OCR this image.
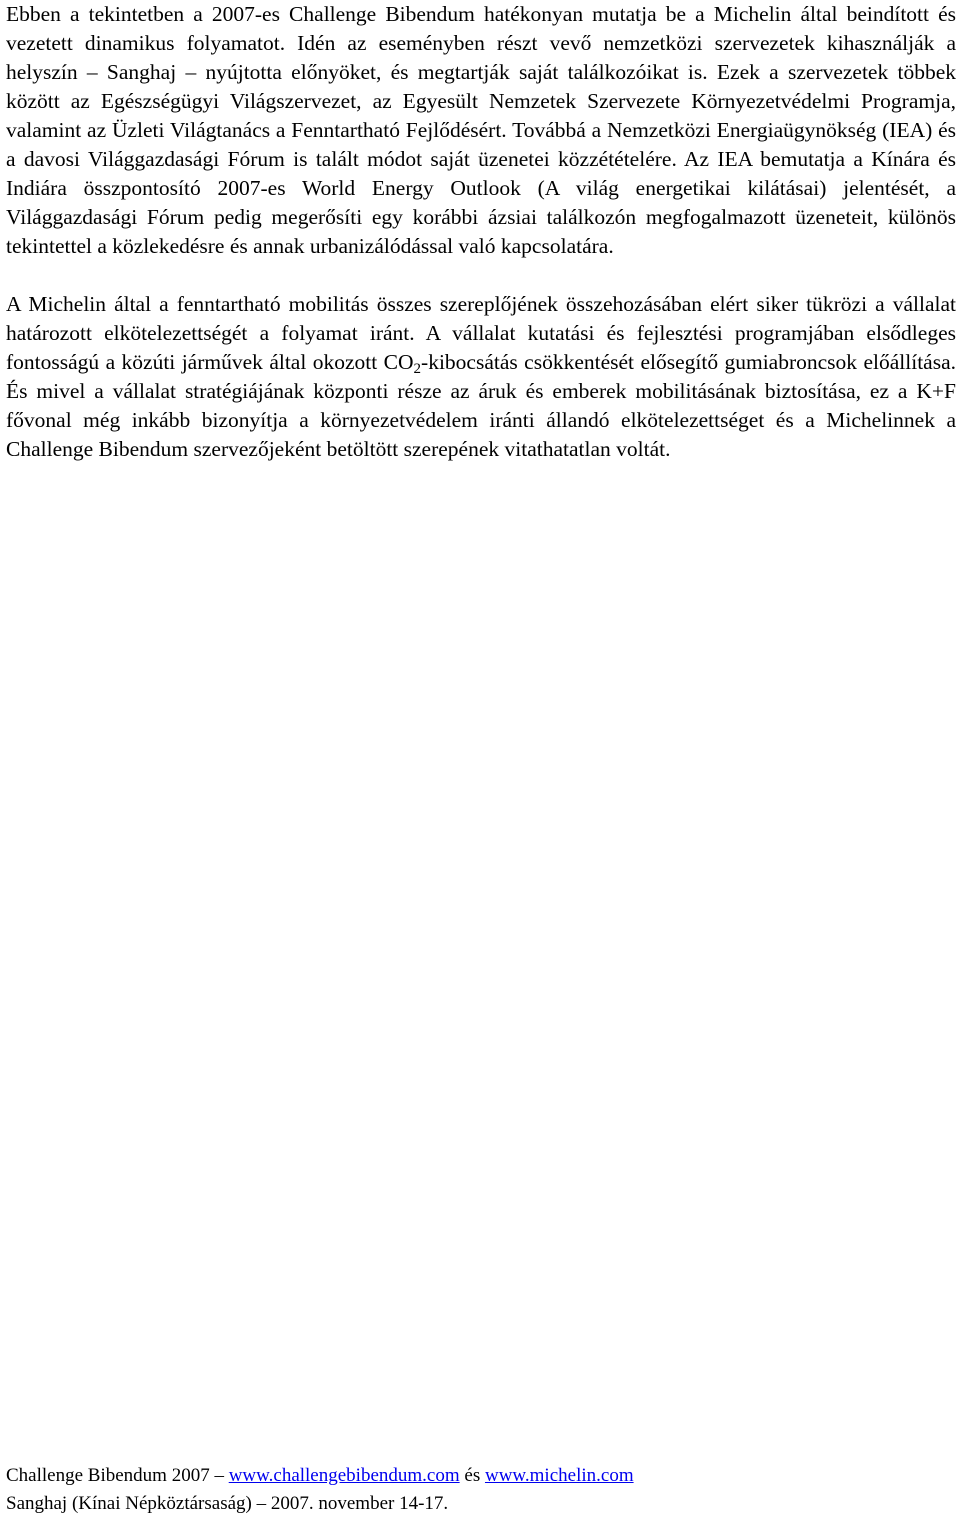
Ebben a tekintetben a 2007-es Challenge Bibendum hatékonyan mutatja be a Michelin által beindított és vezetett dinamikus folyamatot. Idén az eseményben részt vevő nemzetközi szervezetek kihasználják a helyszín – Sanghaj – nyújtotta előnyöket, és megtartják saját találkozóikat is. Ezek a szervezetek többek között az Egészségügyi Világszervezet, az Egyesült Nemzetek Szervezete Környezetvédelmi Programja, valamint az Üzleti Világtanács a Fenntartható Fejlődésért. Továbbá a Nemzetközi Energiaügynökség (IEA) és a davosi Világgazdasági Fórum is talált módot saját üzenetei közzétételére. Az IEA bemutatja a Kínára és Indiára összpontosító 2007-es World Energy Outlook (A világ energetikai kilátásai) jelentését, a Világgazdasági Fórum pedig megerősíti egy korábbi ázsiai találkozón megfogalmazott üzeneteit, különös tekintettel a közlekedésre és annak urbanizálódással való kapcsolatára.

A Michelin által a fenntartható mobilitás összes szereplőjének összehozásában elért siker tükrözi a vállalat határozott elkötelezettségét a folyamat iránt. A vállalat kutatási és fejlesztési programjában elsődleges fontosságú a közúti járművek által okozott $CO_2$-kibocsátás csökkentését elősegítő gumiabroncsok előállítása. És mivel a vállalat stratégiájának központi része az áruk és emberek mobilitásának biztosítása, ez a K+F fővonal még inkább bizonyítja a környezetvédelem iránti állandó elkötelezettséget és a Michelinnek a Challenge Bibendum szervezőjeként betöltött szerepének vitathatatlan voltát.

Challenge Bibendum 2007 – www.challengebibendum.com és www.michelin.com
Sanghaj (Kínai Népköztársaság) – 2007. november 14-17.
